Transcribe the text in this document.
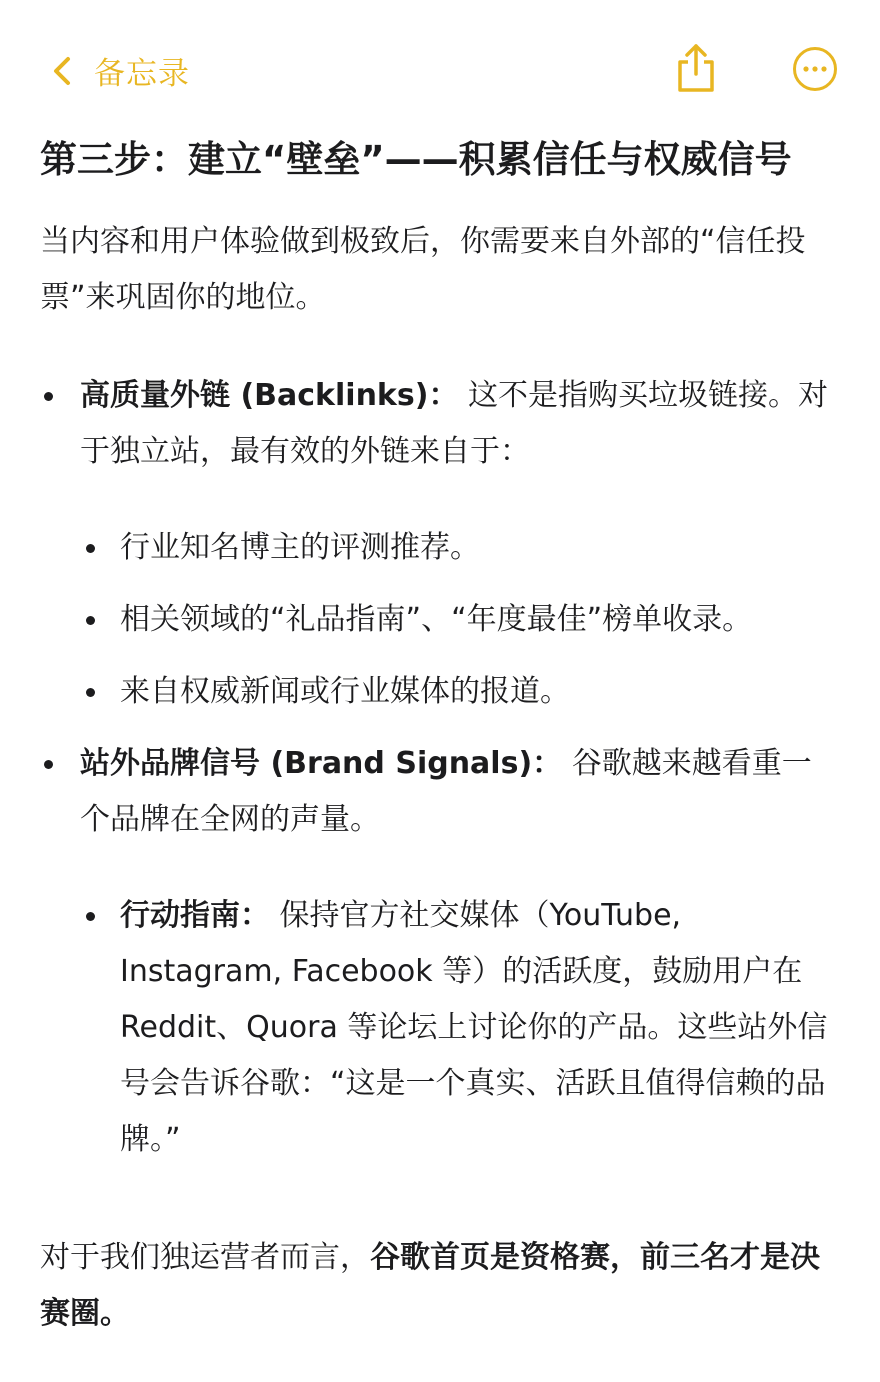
备忘录
第三步：建立“壁垒”——积累信任与权威信号

当内容和用户体验做到极致后，你需要来自外部的“信任投票”来巩固你的地位。

高质量外链 (Backlinks)： 这不是指购买垃圾链接。对于独立站，最有效的外链来自于：
行业知名博主的评测推荐。
相关领域的“礼品指南”、“年度最佳”榜单收录。
来自权威新闻或行业媒体的报道。
站外品牌信号 (Brand Signals)： 谷歌越来越看重一个品牌在全网的声量。
行动指南： 保持官方社交媒体（YouTube, Instagram, Facebook 等）的活跃度，鼓励用户在 Reddit、Quora 等论坛上讨论你的产品。这些站外信号会告诉谷歌：“这是一个真实、活跃且值得信赖的品牌。”

对于我们独运营者而言，谷歌首页是资格赛，前三名才是决赛圈。
